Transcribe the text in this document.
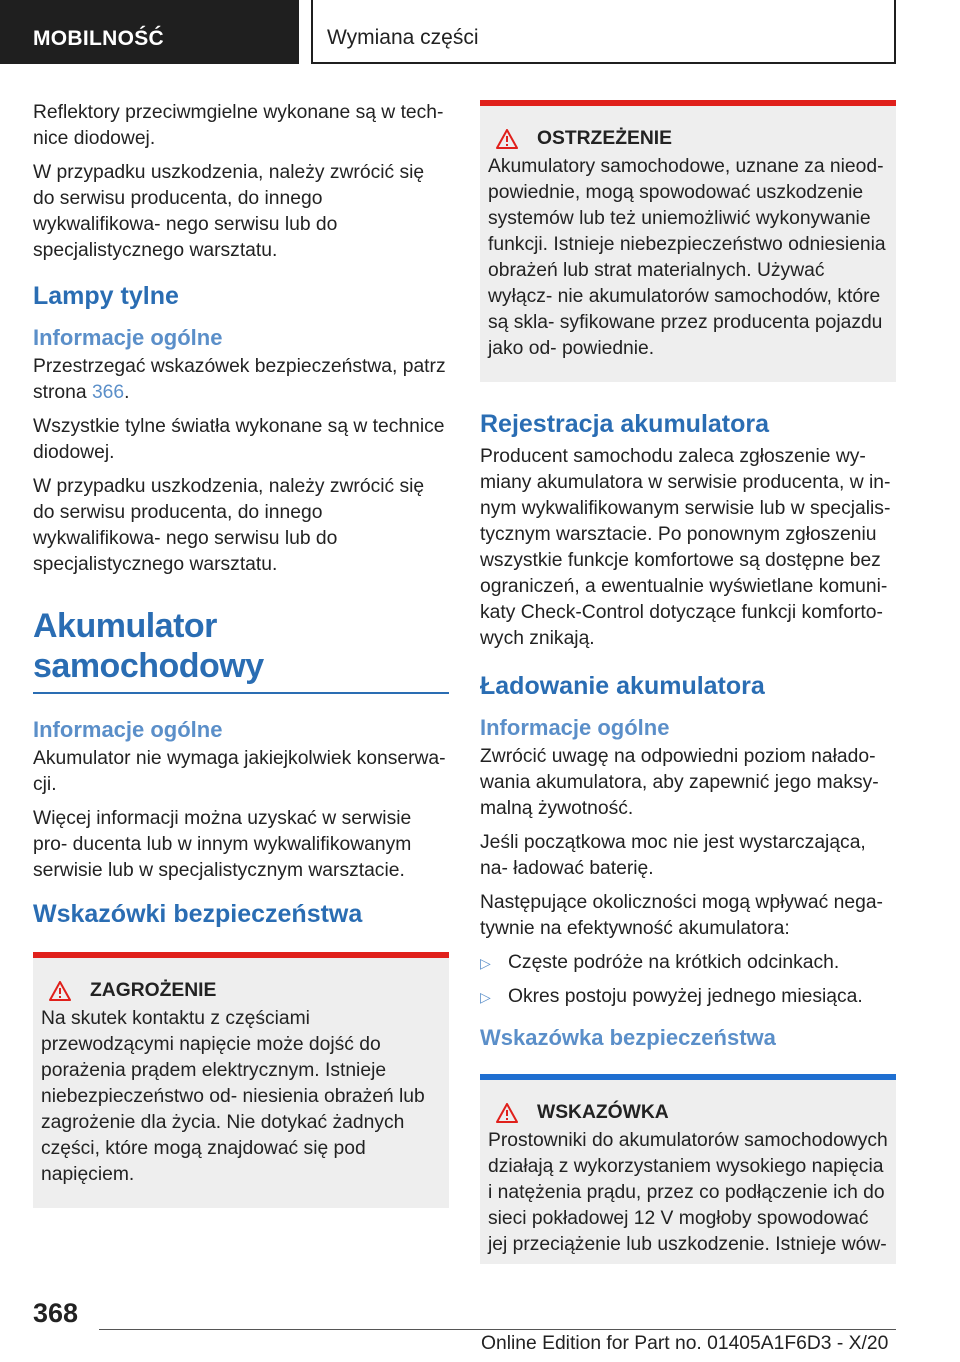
MOBILNOŚĆ	Wymiana części

Reflektory przeciwmgielne wykonane są w tech‐ nice diodowej.

W przypadku uszkodzenia, należy zwrócić się do serwisu producenta, do innego wykwalifikowa‐ nego serwisu lub do specjalistycznego warsztatu.

Lampy tylne
Informacje ogólne

Przestrzegać wskazówek bezpieczeństwa, patrz strona 366.

Wszystkie tylne światła wykonane są w technice diodowej.

W przypadku uszkodzenia, należy zwrócić się do serwisu producenta, do innego wykwalifikowa‐ nego serwisu lub do specjalistycznego warsztatu.

Akumulator samochodowy
Informacje ogólne

Akumulator nie wymaga jakiejkolwiek konserwa‐ cji.

Więcej informacji można uzyskać w serwisie pro‐ ducenta lub w innym wykwalifikowanym serwisie lub w specjalistycznym warsztacie.

Wskazówki bezpieczeństwa
ZAGROŻENIE

Na skutek kontaktu z częściami przewodzącymi napięcie może dojść do porażenia prądem elektrycznym. Istnieje niebezpieczeństwo od‐ niesienia obrażeń lub zagrożenie dla życia. Nie dotykać żadnych części, które mogą znajdować się pod napięciem.

OSTRZEŻENIE

Akumulatory samochodowe, uznane za nieod‐ powiednie, mogą spowodować uszkodzenie systemów lub też uniemożliwić wykonywanie funkcji. Istnieje niebezpieczeństwo odniesienia obrażeń lub strat materialnych. Używać wyłącz‐ nie akumulatorów samochodów, które są skla‐ syfikowane przez producenta pojazdu jako od‐ powiednie.

Rejestracja akumulatora

Producent samochodu zaleca zgłoszenie wy‐ miany akumulatora w serwisie producenta, w in‐ nym wykwalifikowanym serwisie lub w specjalis‐ tycznym warsztacie. Po ponownym zgłoszeniu wszystkie funkcje komfortowe są dostępne bez ograniczeń, a ewentualnie wyświetlane komuni‐ katy Check-Control dotyczące funkcji komforto‐ wych znikają.

Ładowanie akumulatora
Informacje ogólne

Zwrócić uwagę na odpowiedni poziom nałado‐ wania akumulatora, aby zapewnić jego maksy‐ malną żywotność.

Jeśli początkowa moc nie jest wystarczająca, na‐ ładować baterię.

Następujące okoliczności mogą wpływać nega‐ tywnie na efektywność akumulatora:

▷ Częste podróże na krótkich odcinkach.
▷ Okres postoju powyżej jednego miesiąca.
Wskazówka bezpieczeństwa
WSKAZÓWKA

Prostowniki do akumulatorów samochodowych działają z wykorzystaniem wysokiego napięcia i natężenia prądu, przez co podłączenie ich do sieci pokładowej 12 V mogłoby spowodować jej przeciążenie lub uszkodzenie. Istnieje wów‐

368
Online Edition for Part no. 01405A1F6D3 - X/20
